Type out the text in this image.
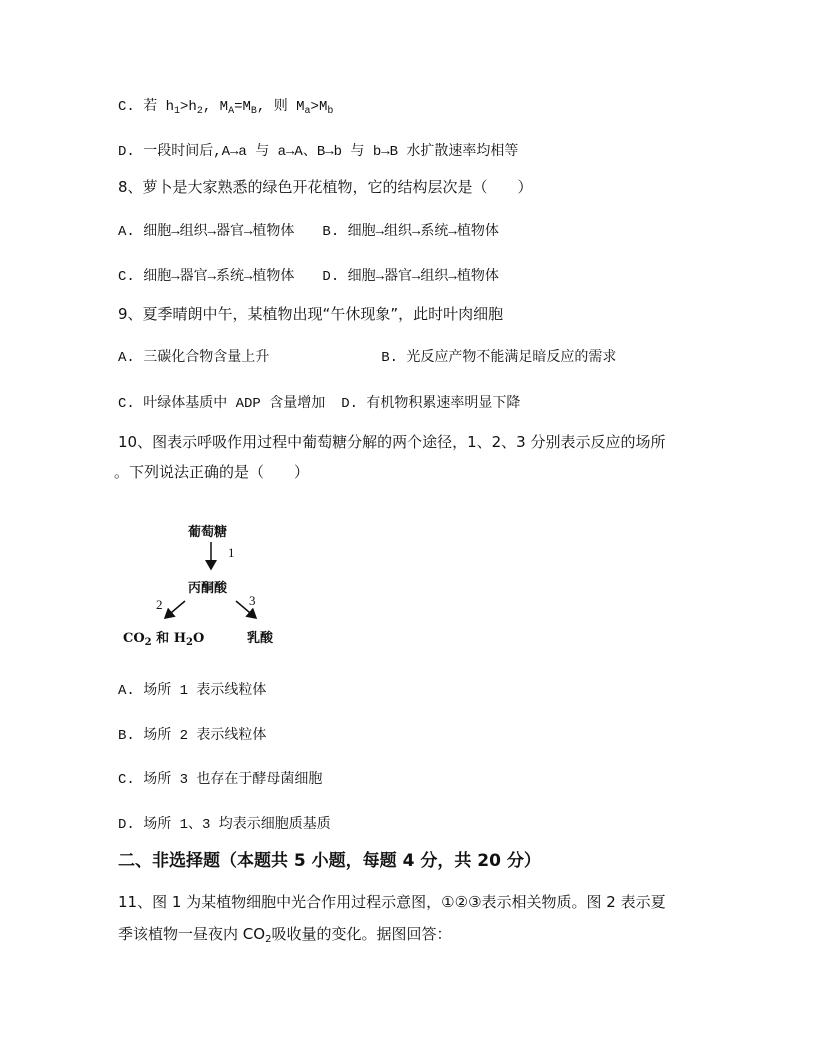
C. 若 $h_1>h_2$, $M_A=M_B$, 则 $M_a>M_b$
D. 一段时间后,A→a 与 a→A、B→b 与 b→B 水扩散速率均相等
8、萝卜是大家熟悉的绿色开花植物，它的结构层次是（　　）
A. 细胞→组织→器官→植物体 B. 细胞→组织→系统→植物体
C. 细胞→器官→系统→植物体 D. 细胞→器官→组织→植物体
9、夏季晴朗中午，某植物出现“午休现象”，此时叶肉细胞
A. 三碳化合物含量上升	B. 光反应产物不能满足暗反应的需求
C. 叶绿体基质中 ADP 含量增加 D. 有机物积累速率明显下降
10、图表示呼吸作用过程中葡萄糖分解的两个途径，1、2、3 分别表示反应的场所
。下列说法正确的是（　　）
葡萄糖
1
丙酮酸
2	3
$CO_2$ 和 $H_2O$	乳酸
A. 场所 1 表示线粒体
B. 场所 2 表示线粒体
C. 场所 3 也存在于酵母菌细胞
D. 场所 1、3 均表示细胞质基质
二、非选择题（本题共 5 小题，每题 4 分，共 20 分）
11、图 1 为某植物细胞中光合作用过程示意图，①②③表示相关物质。图 2 表示夏
季该植物一昼夜内 $CO_2$吸收量的变化。据图回答：
